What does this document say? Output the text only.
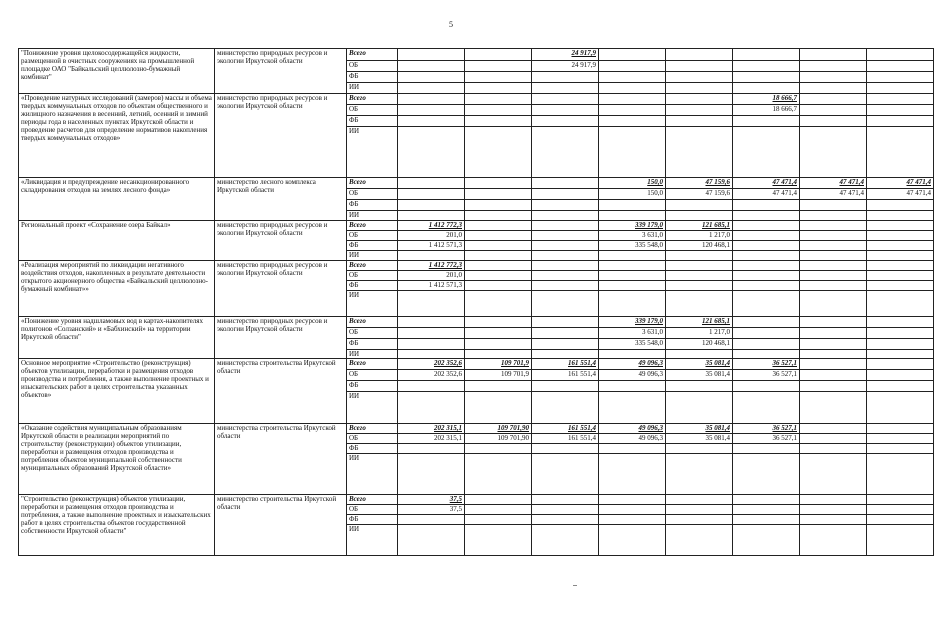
5
"Понижение уровня щелокосодержащейся жидкости, размещенной в очистных сооружениях на промышленной площадке ОАО "Байкальский целлюлозно-бумажный комбинат"	министерство природных ресурсов и экологии Иркутской области	Всего			24 917,9					
		ОБ			24 917,9					
		ФБ								
		ИИ								
«Проведение натурных исследований (замеров) массы и объема твердых коммунальных отходов по объектам общественного и жилищного назначения в весенний, летний, осенний и зимний периоды года в населенных пунктах Иркутской области и проведение расчетов для определение нормативов накопления твердых коммунальных отходов»	министерство природных ресурсов и экологии Иркутской области	Всего						18 666,7		
		ОБ						18 666,7		
		ФБ								
		ИИ								
«Ликвидация и предупреждение несанкционированного складирования отходов на землях лесного фонда»	министерство лесного комплекса Иркутской области	Всего				150,0	47 159,6	47 471,4	47 471,4	47 471,4
		ОБ				150,0	47 159,6	47 471,4	47 471,4	47 471,4
		ФБ								
		ИИ								
Региональный проект «Сохранение озера Байкал»	министерство природных ресурсов и экологии Иркутской области	Всего	1 412 772,3			339 179,0	121 685,1			
		ОБ	201,0			3 631,0	1 217,0			
		ФБ	1 412 571,3			335 548,0	120 468,1			
		ИИ								
«Реализация мероприятий по ликвидации негативного воздействия отходов, накопленных в результате деятельности открытого акционерного общества «Байкальский целлюлозно-бумажный комбинат»»	министерство природных ресурсов и экологии Иркутской области	Всего	1 412 772,3							
		ОБ	201,0							
		ФБ	1 412 571,3							
		ИИ								
«Понижение уровня надшламовых вод в картах-накопителях полигонов «Солзанский» и «Бабхинский» на территории Иркутской области"	министерство природных ресурсов и экологии Иркутской области	Всего				339 179,0	121 685,1			
		ОБ				3 631,0	1 217,0			
		ФБ				335 548,0	120 468,1			
		ИИ								
Основное мероприятие «Строительство (реконструкция) объектов утилизации, переработки и размещения отходов производства и потребления, а также выполнение проектных и изыскательских работ в целях строительства указанных объектов»	министерства строительства Иркутской области	Всего	202 352,6	109 701,9	161 551,4	49 096,3	35 081,4	36 527,1		
		ОБ	202 352,6	109 701,9	161 551,4	49 096,3	35 081,4	36 527,1		
		ФБ								
		ИИ								
«Оказание содействия муниципальным образованиям Иркутской области в реализации мероприятий по строительству (реконструкции) объектов утилизации, переработки и размещения отходов производства и потребления объектов муниципальной собственности муниципальных образований Иркутской области»	министерства строительства Иркутской области	Всего	202 315,1	109 701,90	161 551,4	49 096,3	35 081,4	36 527,1		
		ОБ	202 315,1	109 701,90	161 551,4	49 096,3	35 081,4	36 527,1		
		ФБ								
		ИИ								
"Строительство (реконструкция) объектов утилизации, переработки и размещения отходов производства и потребления, а также выполнение проектных и изыскательских работ в целях строительства объектов государственной собственности Иркутской области"	министерство строительства Иркутской области	Всего	37,5							
		ОБ	37,5							
		ФБ								
		ИИ								
